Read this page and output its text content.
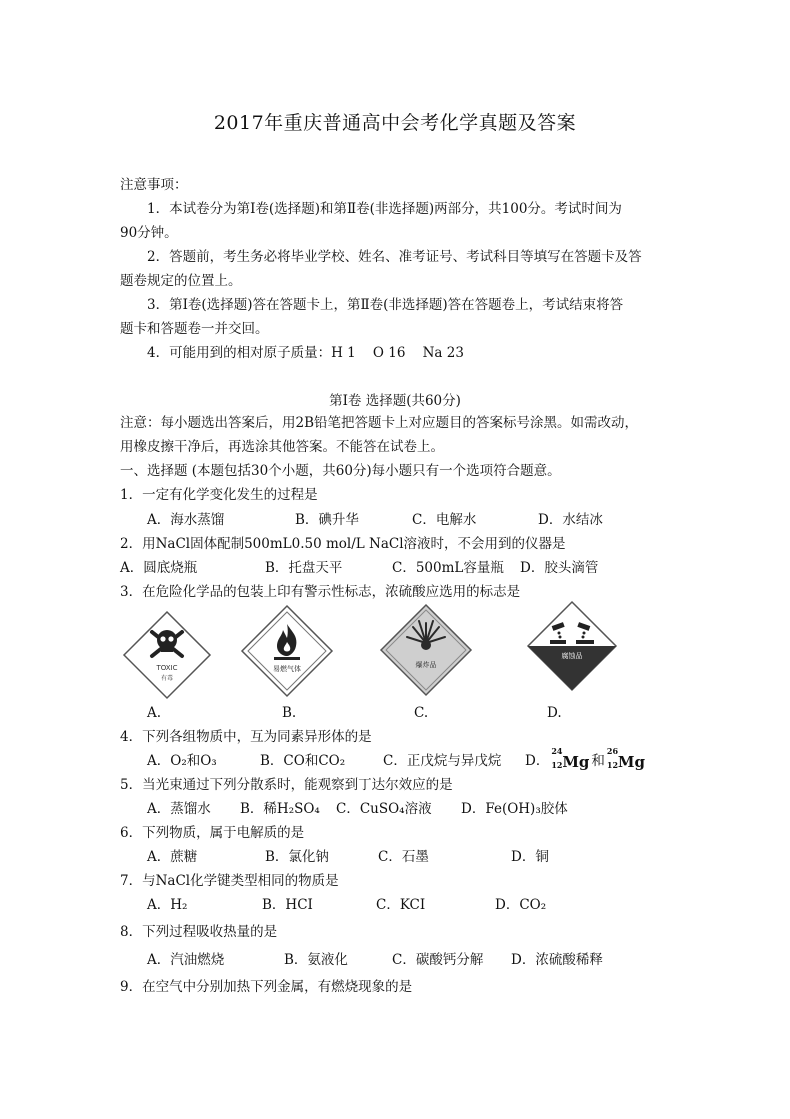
2017年重庆普通高中会考化学真题及答案
注意事项：
1．本试卷分为第Ⅰ卷(选择题)和第Ⅱ卷(非选择题)两部分，共100分。考试时间为
90分钟。
2．答题前，考生务必将毕业学校、姓名、准考证号、考试科目等填写在答题卡及答
题卷规定的位置上。
3．第Ⅰ卷(选择题)答在答题卡上，第Ⅱ卷(非选择题)答在答题卷上，考试结束将答
题卡和答题卷一并交回。
4．可能用到的相对原子质量：H 1    O 16    Na 23
第Ⅰ卷 选择题(共60分)
注意：每小题选出答案后，用2B铅笔把答题卡上对应题目的答案标号涂黑。如需改动，
用橡皮擦干净后，再选涂其他答案。不能答在试卷上。
一、选择题 (本题包括30个小题，共60分)每小题只有一个选项符合题意。
1．一定有化学变化发生的过程是
A．海水蒸馏	B．碘升华	C．电解水	D．水结冰
2．用NaCl固体配制500mL0.50 mol/L NaCl溶液时，不会用到的仪器是
A．圆底烧瓶	B．托盘天平	C．500mL容量瓶 D．胶头滴管
3．在危险化学品的包装上印有警示性标志，浓硫酸应选用的标志是
TOXIC
有毒
易燃气体	爆炸品
腐蚀品
A.	B.	C.	D.
4．下列各组物质中，互为同素异形体的是
A．O₂和O₃	B．CO和CO₂	C．正戊烷与异戊烷 D．
24
12 Mg 和
26
12 Mg
5．当光束通过下列分散系时，能观察到丁达尔效应的是
A．蒸馏水 B．稀H₂SO₄ C．CuSO₄溶液 D．Fe(OH)₃胶体
6．下列物质，属于电解质的是
A．蔗糖	B．氯化钠	C．石墨	D．铜
7．与NaCl化学键类型相同的物质是
A．H₂	B．HCI	C．KCI	D．CO₂
8．下列过程吸收热量的是
A．汽油燃烧	B．氨液化	C．碳酸钙分解 D．浓硫酸稀释
9．在空气中分别加热下列金属，有燃烧现象的是
